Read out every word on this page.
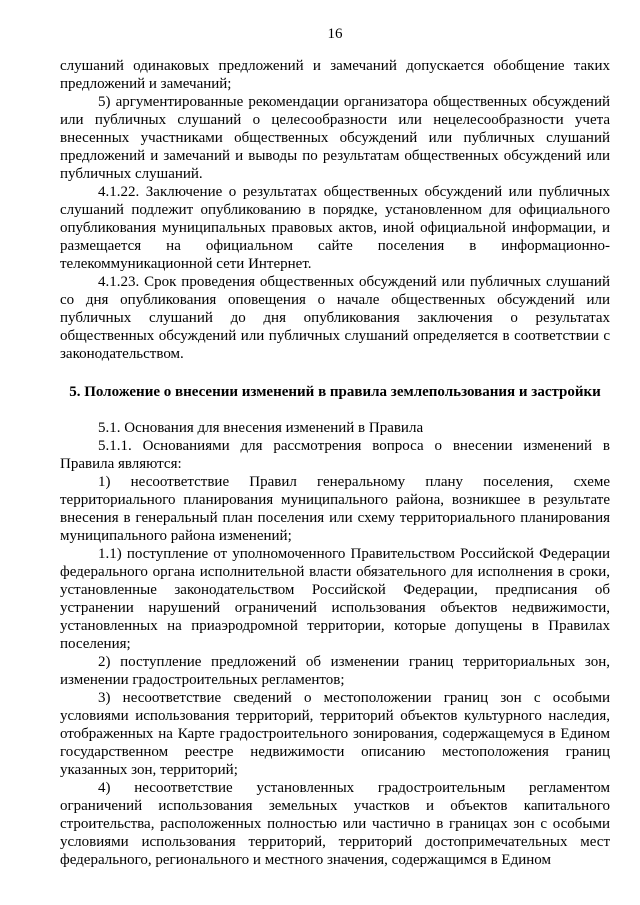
16

слушаний одинаковых предложений и замечаний допускается обобщение таких предложений и замечаний;

5) аргументированные рекомендации организатора общественных обсуждений или публичных слушаний о целесообразности или нецелесообразности учета внесенных участниками общественных обсуждений или публичных слушаний предложений и замечаний и выводы по результатам общественных обсуждений или публичных слушаний.

4.1.22. Заключение о результатах общественных обсуждений или публичных слушаний подлежит опубликованию в порядке, установленном для официального опубликования муниципальных правовых актов, иной официальной информации, и размещается на официальном сайте поселения в информационно-телекоммуникационной сети Интернет.

4.1.23. Срок проведения общественных обсуждений или публичных слушаний со дня опубликования оповещения о начале общественных обсуждений или публичных слушаний до дня опубликования заключения о результатах общественных обсуждений или публичных слушаний определяется в соответствии с законодательством.

5. Положение о внесении изменений в правила землепользования и застройки

5.1. Основания для внесения изменений в Правила

5.1.1. Основаниями для рассмотрения вопроса о внесении изменений в Правила являются:

1) несоответствие Правил генеральному плану поселения, схеме территориального планирования муниципального района, возникшее в результате внесения в генеральный план поселения или схему территориального планирования муниципального района изменений;

1.1) поступление от уполномоченного Правительством Российской Федерации федерального органа исполнительной власти обязательного для исполнения в сроки, установленные законодательством Российской Федерации, предписания об устранении нарушений ограничений использования объектов недвижимости, установленных на приаэродромной территории, которые допущены в Правилах поселения;

2) поступление предложений об изменении границ территориальных зон, изменении градостроительных регламентов;

3) несоответствие сведений о местоположении границ зон с особыми условиями использования территорий, территорий объектов культурного наследия, отображенных на Карте градостроительного зонирования, содержащемуся в Едином государственном реестре недвижимости описанию местоположения границ указанных зон, территорий;

4) несоответствие установленных градостроительным регламентом ограничений использования земельных участков и объектов капитального строительства, расположенных полностью или частично в границах зон с особыми условиями использования территорий, территорий достопримечательных мест федерального, регионального и местного значения, содержащимся в Едином
